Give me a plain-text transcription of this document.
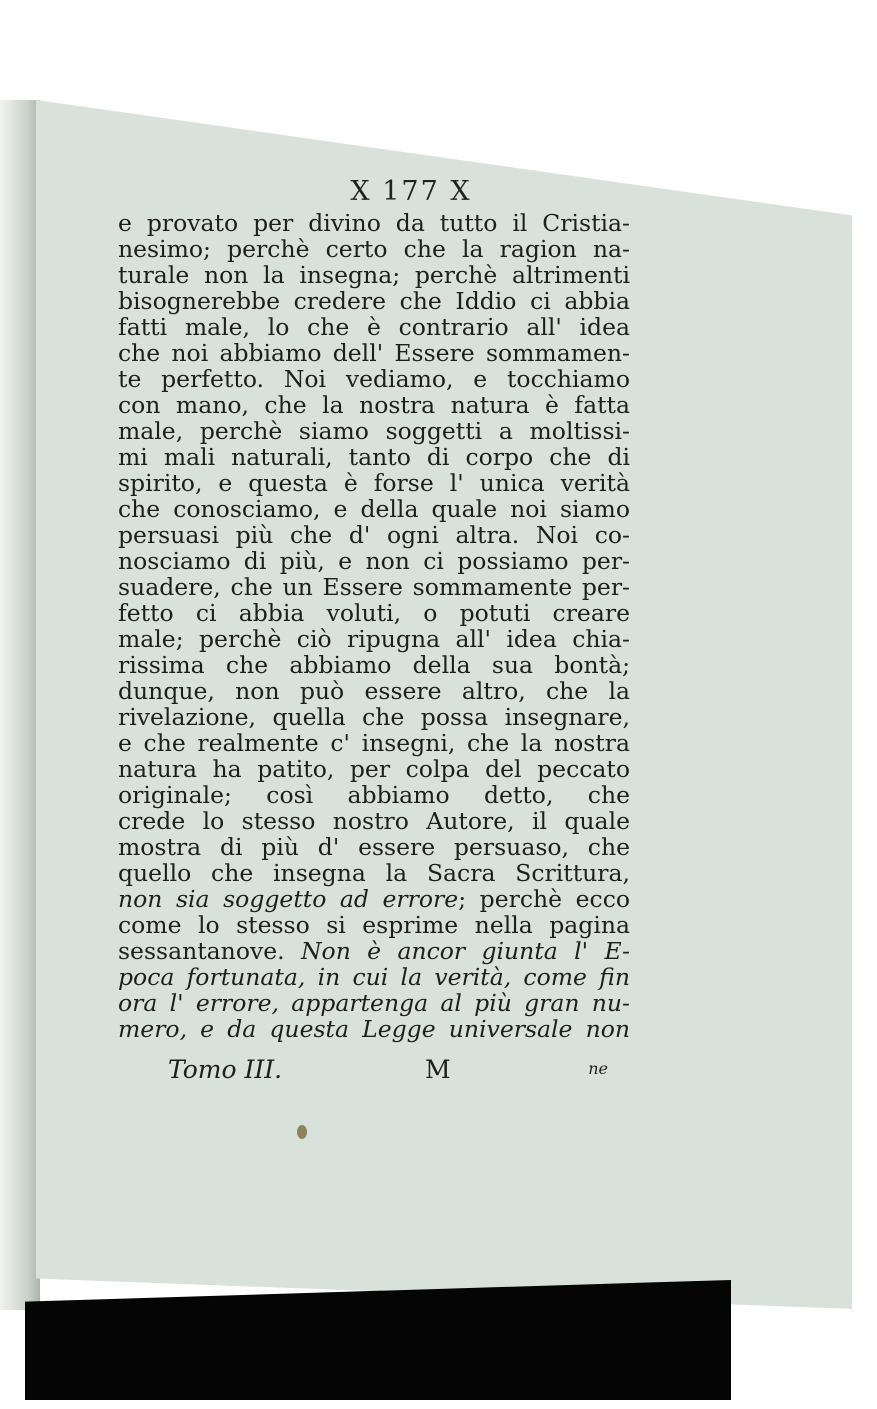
X 177 X
e provato per divino da tutto il Cristia-
nesimo; perchè certo che la ragion na-
turale non la insegna; perchè altrimenti
bisognerebbe credere che Iddio ci abbia
fatti male, lo che è contrario all' idea
che noi abbiamo dell' Essere sommamen-
te perfetto. Noi vediamo, e tocchiamo
con mano, che la nostra natura è fatta
male, perchè siamo soggetti a moltissi-
mi mali naturali, tanto di corpo che di
spirito, e questa è forse l' unica verità
che conosciamo, e della quale noi siamo
persuasi più che d' ogni altra. Noi co-
nosciamo di più, e non ci possiamo per-
suadere, che un Essere sommamente per-
fetto ci abbia voluti, o potuti creare
male; perchè ciò ripugna all' idea chia-
rissima che abbiamo della sua bontà;
dunque, non può essere altro, che la
rivelazione, quella che possa insegnare,
e che realmente c' insegni, che la nostra
natura ha patito, per colpa del peccato
originale; così abbiamo detto, che
crede lo stesso nostro Autore, il quale
mostra di più d' essere persuaso, che
quello che insegna la Sacra Scrittura,
non sia soggetto ad errore; perchè ecco
come lo stesso si esprime nella pagina
sessantanove. Non è ancor giunta l' E-
poca fortunata, in cui la verità, come fin
ora l' errore, appartenga al più gran nu-
mero, e da questa Legge universale non
Tomo III.	M	ne
